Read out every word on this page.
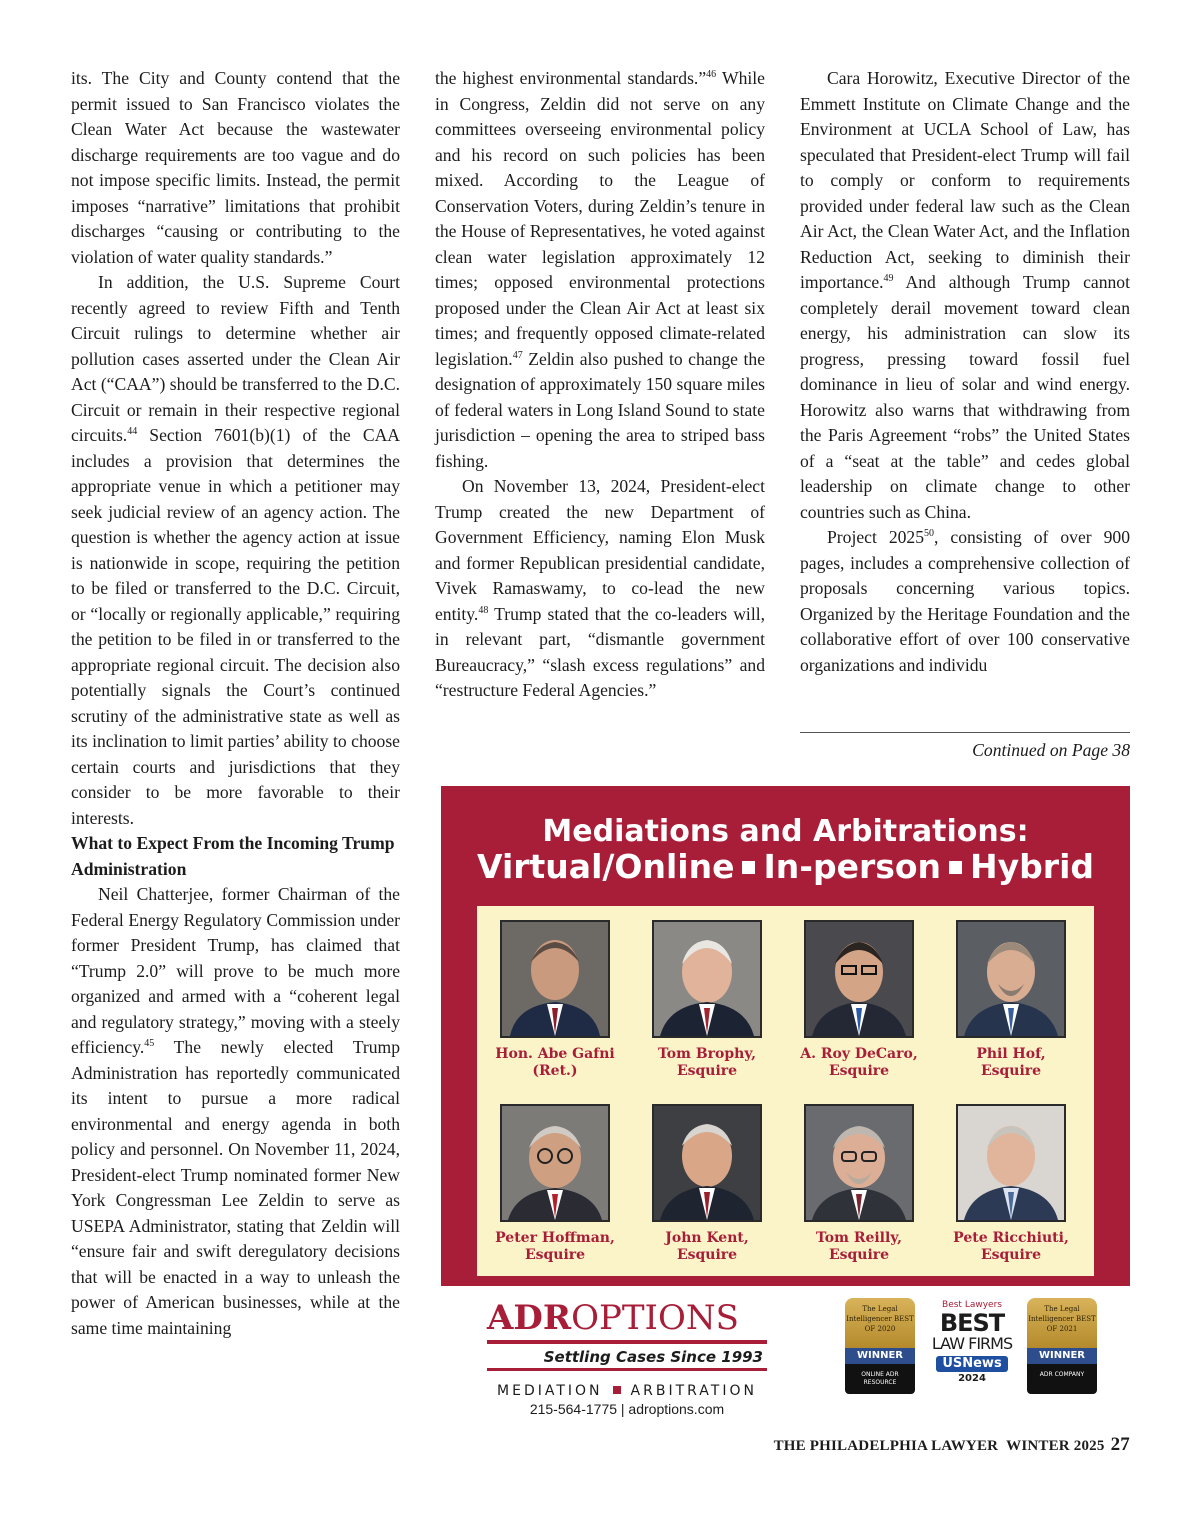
its. The City and County contend that the permit issued to San Francisco violates the Clean Water Act because the wastewater discharge requirements are too vague and do not impose specific limits. Instead, the permit imposes “narrative” limitations that prohibit discharges “causing or contributing to the violation of water quality standards.”

In addition, the U.S. Supreme Court recently agreed to review Fifth and Tenth Circuit rulings to determine whether air pollution cases asserted under the Clean Air Act (“CAA”) should be transferred to the D.C. Circuit or remain in their respective regional circuits.$^{44}$ Section 7601(b)(1) of the CAA includes a provision that determines the appropriate venue in which a petitioner may seek judicial review of an agency action. The question is whether the agency action at issue is nationwide in scope, requiring the petition to be filed or transferred to the D.C. Circuit, or “locally or regionally applicable,” requiring the petition to be filed in or transferred to the appropriate regional circuit. The decision also potentially signals the Court’s continued scrutiny of the administrative state as well as its inclination to limit parties’ ability to choose certain courts and jurisdictions that they consider to be more favorable to their interests.

What to Expect From the Incoming Trump Administration

Neil Chatterjee, former Chairman of the Federal Energy Regulatory Commission under former President Trump, has claimed that “Trump 2.0” will prove to be much more organized and armed with a “coherent legal and regulatory strategy,” moving with a steely efficiency.$^{45}$ The newly elected Trump Administration has reportedly communicated its intent to pursue a more radical environmental and energy agenda in both policy and personnel. On November 11, 2024, President-elect Trump nominated former New York Congressman Lee Zeldin to serve as USEPA Administrator, stating that Zeldin will “ensure fair and swift deregulatory decisions that will be enacted in a way to unleash the power of American businesses, while at the same time maintaining

the highest environmental standards.”$^{46}$ While in Congress, Zeldin did not serve on any committees overseeing environmental policy and his record on such policies has been mixed. According to the League of Conservation Voters, during Zeldin’s tenure in the House of Representatives, he voted against clean water legislation approximately 12 times; opposed environmental protections proposed under the Clean Air Act at least six times; and frequently opposed climate-related legislation.$^{47}$ Zeldin also pushed to change the designation of approximately 150 square miles of federal waters in Long Island Sound to state jurisdiction – opening the area to striped bass fishing.

On November 13, 2024, President-elect Trump created the new Department of Government Efficiency, naming Elon Musk and former Republican presidential candidate, Vivek Ramaswamy, to co-lead the new entity.$^{48}$ Trump stated that the co-leaders will, in relevant part, “dismantle government Bureaucracy,” “slash excess regulations” and “restructure Federal Agencies.”

Cara Horowitz, Executive Director of the Emmett Institute on Climate Change and the Environment at UCLA School of Law, has speculated that President-elect Trump will fail to comply or conform to requirements provided under federal law such as the Clean Air Act, the Clean Water Act, and the Inflation Reduction Act, seeking to diminish their importance.$^{49}$ And although Trump cannot completely derail movement toward clean energy, his administration can slow its progress, pressing toward fossil fuel dominance in lieu of solar and wind energy. Horowitz also warns that withdrawing from the Paris Agreement “robs” the United States of a “seat at the table” and cedes global leadership on climate change to other countries such as China.

Project 2025$^{50}$, consisting of over 900 pages, includes a comprehensive collection of proposals concerning various topics. Organized by the Heritage Foundation and the collaborative effort of over 100 conservative organizations and individu

Continued on Page 38
Mediations and Arbitrations:
Virtual/Online In-person Hybrid
Hon. Abe Gafni
(Ret.)
Tom Brophy,
Esquire
A. Roy DeCaro,
Esquire
Phil Hof,
Esquire
Peter Hoffman,
Esquire
John Kent,
Esquire
Tom Reilly,
Esquire
Pete Ricchiuti,
Esquire
ADROPTIONS
Settling Cases Since 1993
MEDIATION ARBITRATION
215-564-1775 | adroptions.com
The Legal Intelligencer BEST OF 2020
WINNER
ONLINE ADR RESOURCE
Best Lawyers
BEST
LAW FIRMS
USNews
2024
The Legal Intelligencer BEST OF 2021
WINNER
ADR COMPANY
THE PHILADELPHIA LAWYER WINTER 2025 27
